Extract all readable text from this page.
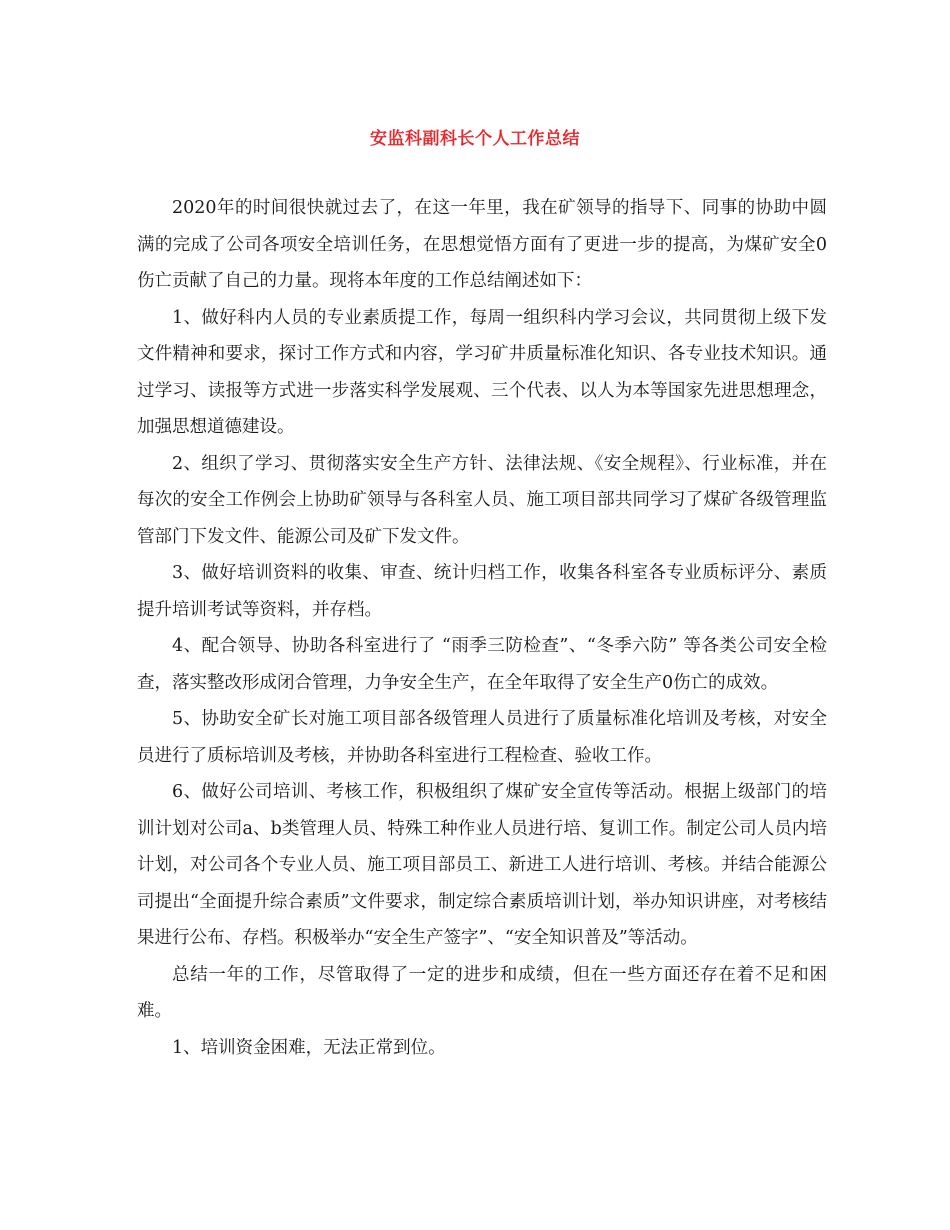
安监科副科长个人工作总结

2020年的时间很快就过去了，在这一年里，我在矿领导的指导下、同事的协助中圆满的完成了公司各项安全培训任务，在思想觉悟方面有了更进一步的提高，为煤矿安全0伤亡贡献了自己的力量。现将本年度的工作总结阐述如下：

1、做好科内人员的专业素质提工作，每周一组织科内学习会议，共同贯彻上级下发文件精神和要求，探讨工作方式和内容，学习矿井质量标准化知识、各专业技术知识。通过学习、读报等方式进一步落实科学发展观、三个代表、以人为本等国家先进思想理念，加强思想道德建设。

2、组织了学习、贯彻落实安全生产方针、法律法规、《安全规程》、行业标准，并在每次的安全工作例会上协助矿领导与各科室人员、施工项目部共同学习了煤矿各级管理监管部门下发文件、能源公司及矿下发文件。

3、做好培训资料的收集、审查、统计归档工作，收集各科室各专业质标评分、素质提升培训考试等资料，并存档。

4、配合领导、协助各科室进行了 “雨季三防检查”、“冬季六防” 等各类公司安全检查，落实整改形成闭合管理，力争安全生产，在全年取得了安全生产0伤亡的成效。

5、协助安全矿长对施工项目部各级管理人员进行了质量标准化培训及考核，对安全员进行了质标培训及考核，并协助各科室进行工程检查、验收工作。

6、做好公司培训、考核工作，积极组织了煤矿安全宣传等活动。根据上级部门的培训计划对公司a、b类管理人员、特殊工种作业人员进行培、复训工作。制定公司人员内培计划，对公司各个专业人员、施工项目部员工、新进工人进行培训、考核。并结合能源公司提出“全面提升综合素质”文件要求，制定综合素质培训计划，举办知识讲座，对考核结果进行公布、存档。积极举办“安全生产签字”、“安全知识普及”等活动。

总结一年的工作，尽管取得了一定的进步和成绩，但在一些方面还存在着不足和困难。

1、培训资金困难，无法正常到位。
